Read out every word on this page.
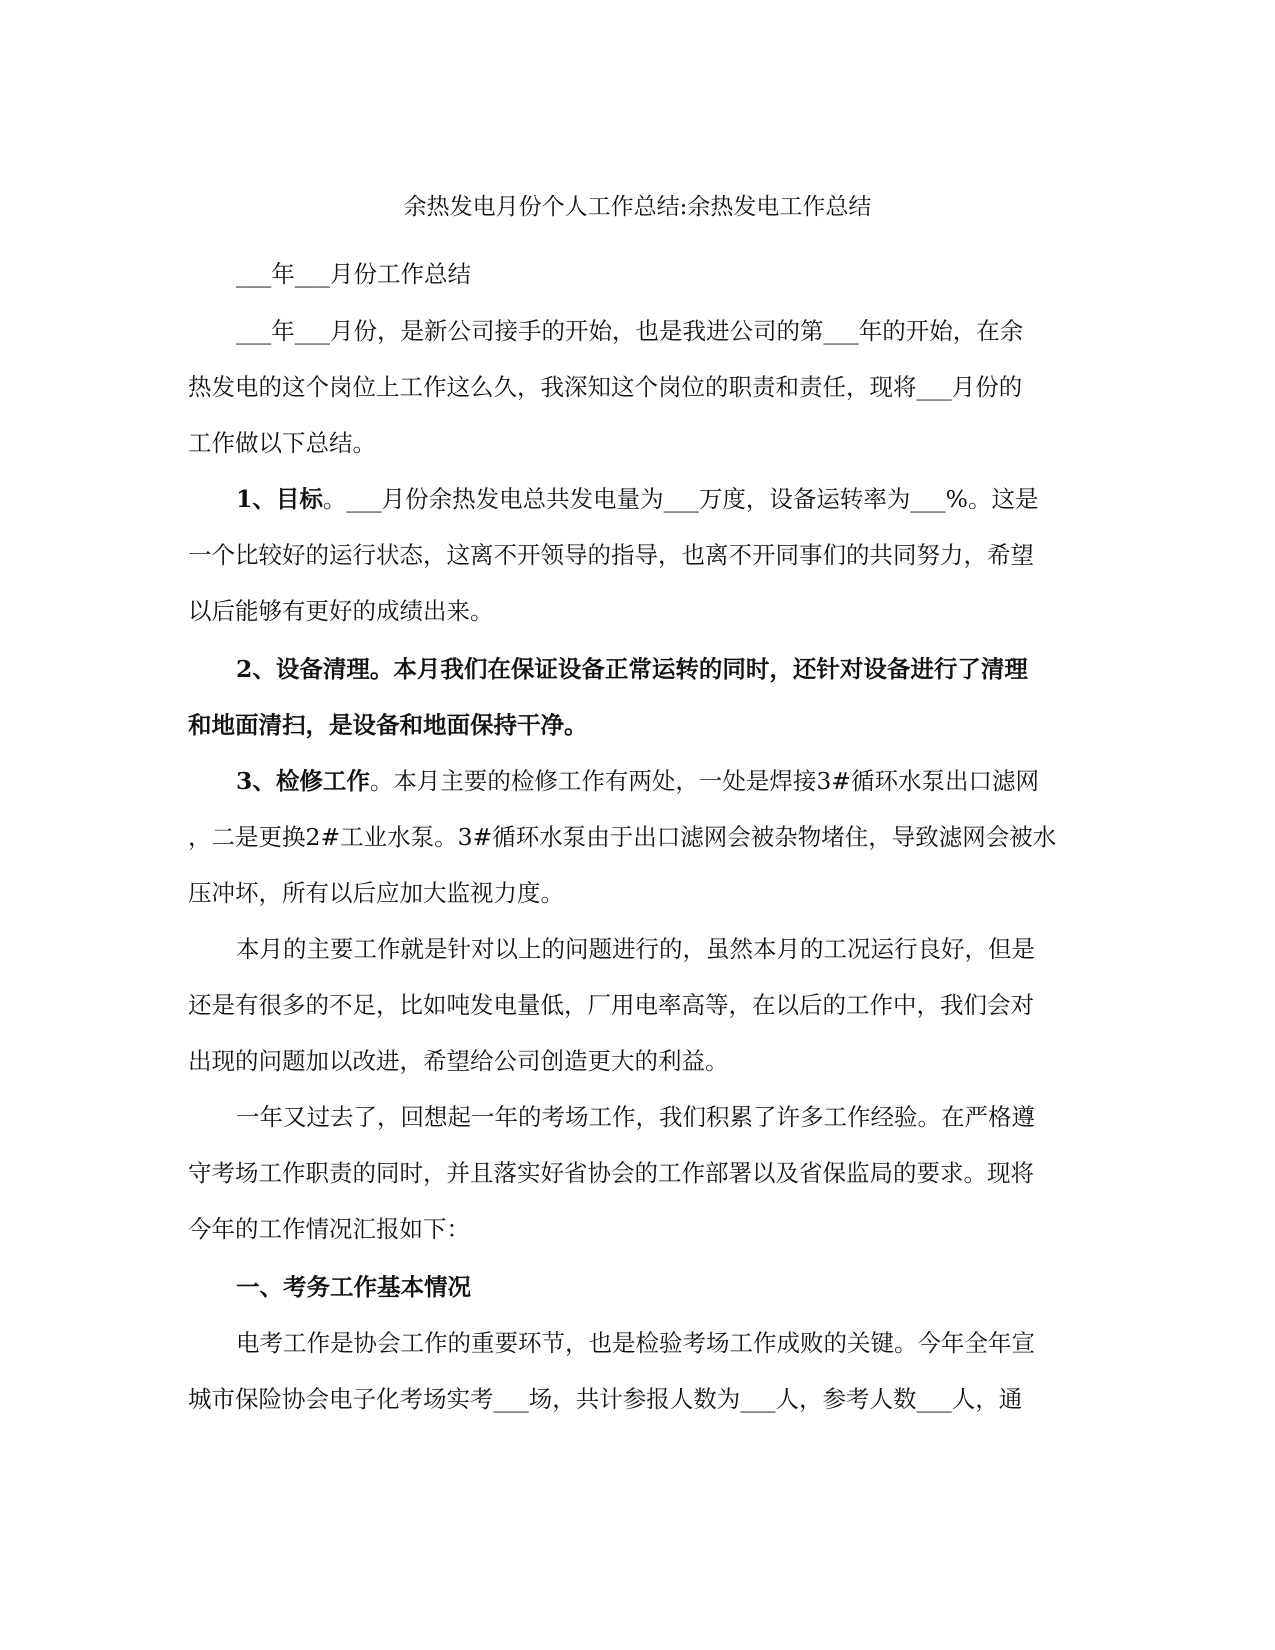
余热发电月份个人工作总结:余热发电工作总结

___年___月份工作总结

___年___月份，是新公司接手的开始，也是我进公司的第___年的开始，在余

热发电的这个岗位上工作这么久，我深知这个岗位的职责和责任，现将___月份的

工作做以下总结。

1、目标。___月份余热发电总共发电量为___万度，设备运转率为___%。这是

一个比较好的运行状态，这离不开领导的指导，也离不开同事们的共同努力，希望

以后能够有更好的成绩出来。

2、设备清理。本月我们在保证设备正常运转的同时，还针对设备进行了清理

和地面清扫，是设备和地面保持干净。

3、检修工作。本月主要的检修工作有两处，一处是焊接3#循环水泵出口滤网

，二是更换2#工业水泵。3#循环水泵由于出口滤网会被杂物堵住，导致滤网会被水

压冲坏，所有以后应加大监视力度。

本月的主要工作就是针对以上的问题进行的，虽然本月的工况运行良好，但是

还是有很多的不足，比如吨发电量低，厂用电率高等，在以后的工作中，我们会对

出现的问题加以改进，希望给公司创造更大的利益。

一年又过去了，回想起一年的考场工作，我们积累了许多工作经验。在严格遵

守考场工作职责的同时，并且落实好省协会的工作部署以及省保监局的要求。现将

今年的工作情况汇报如下：

一、考务工作基本情况

电考工作是协会工作的重要环节，也是检验考场工作成败的关键。今年全年宣

城市保险协会电子化考场实考___场，共计参报人数为___人，参考人数___人，通
